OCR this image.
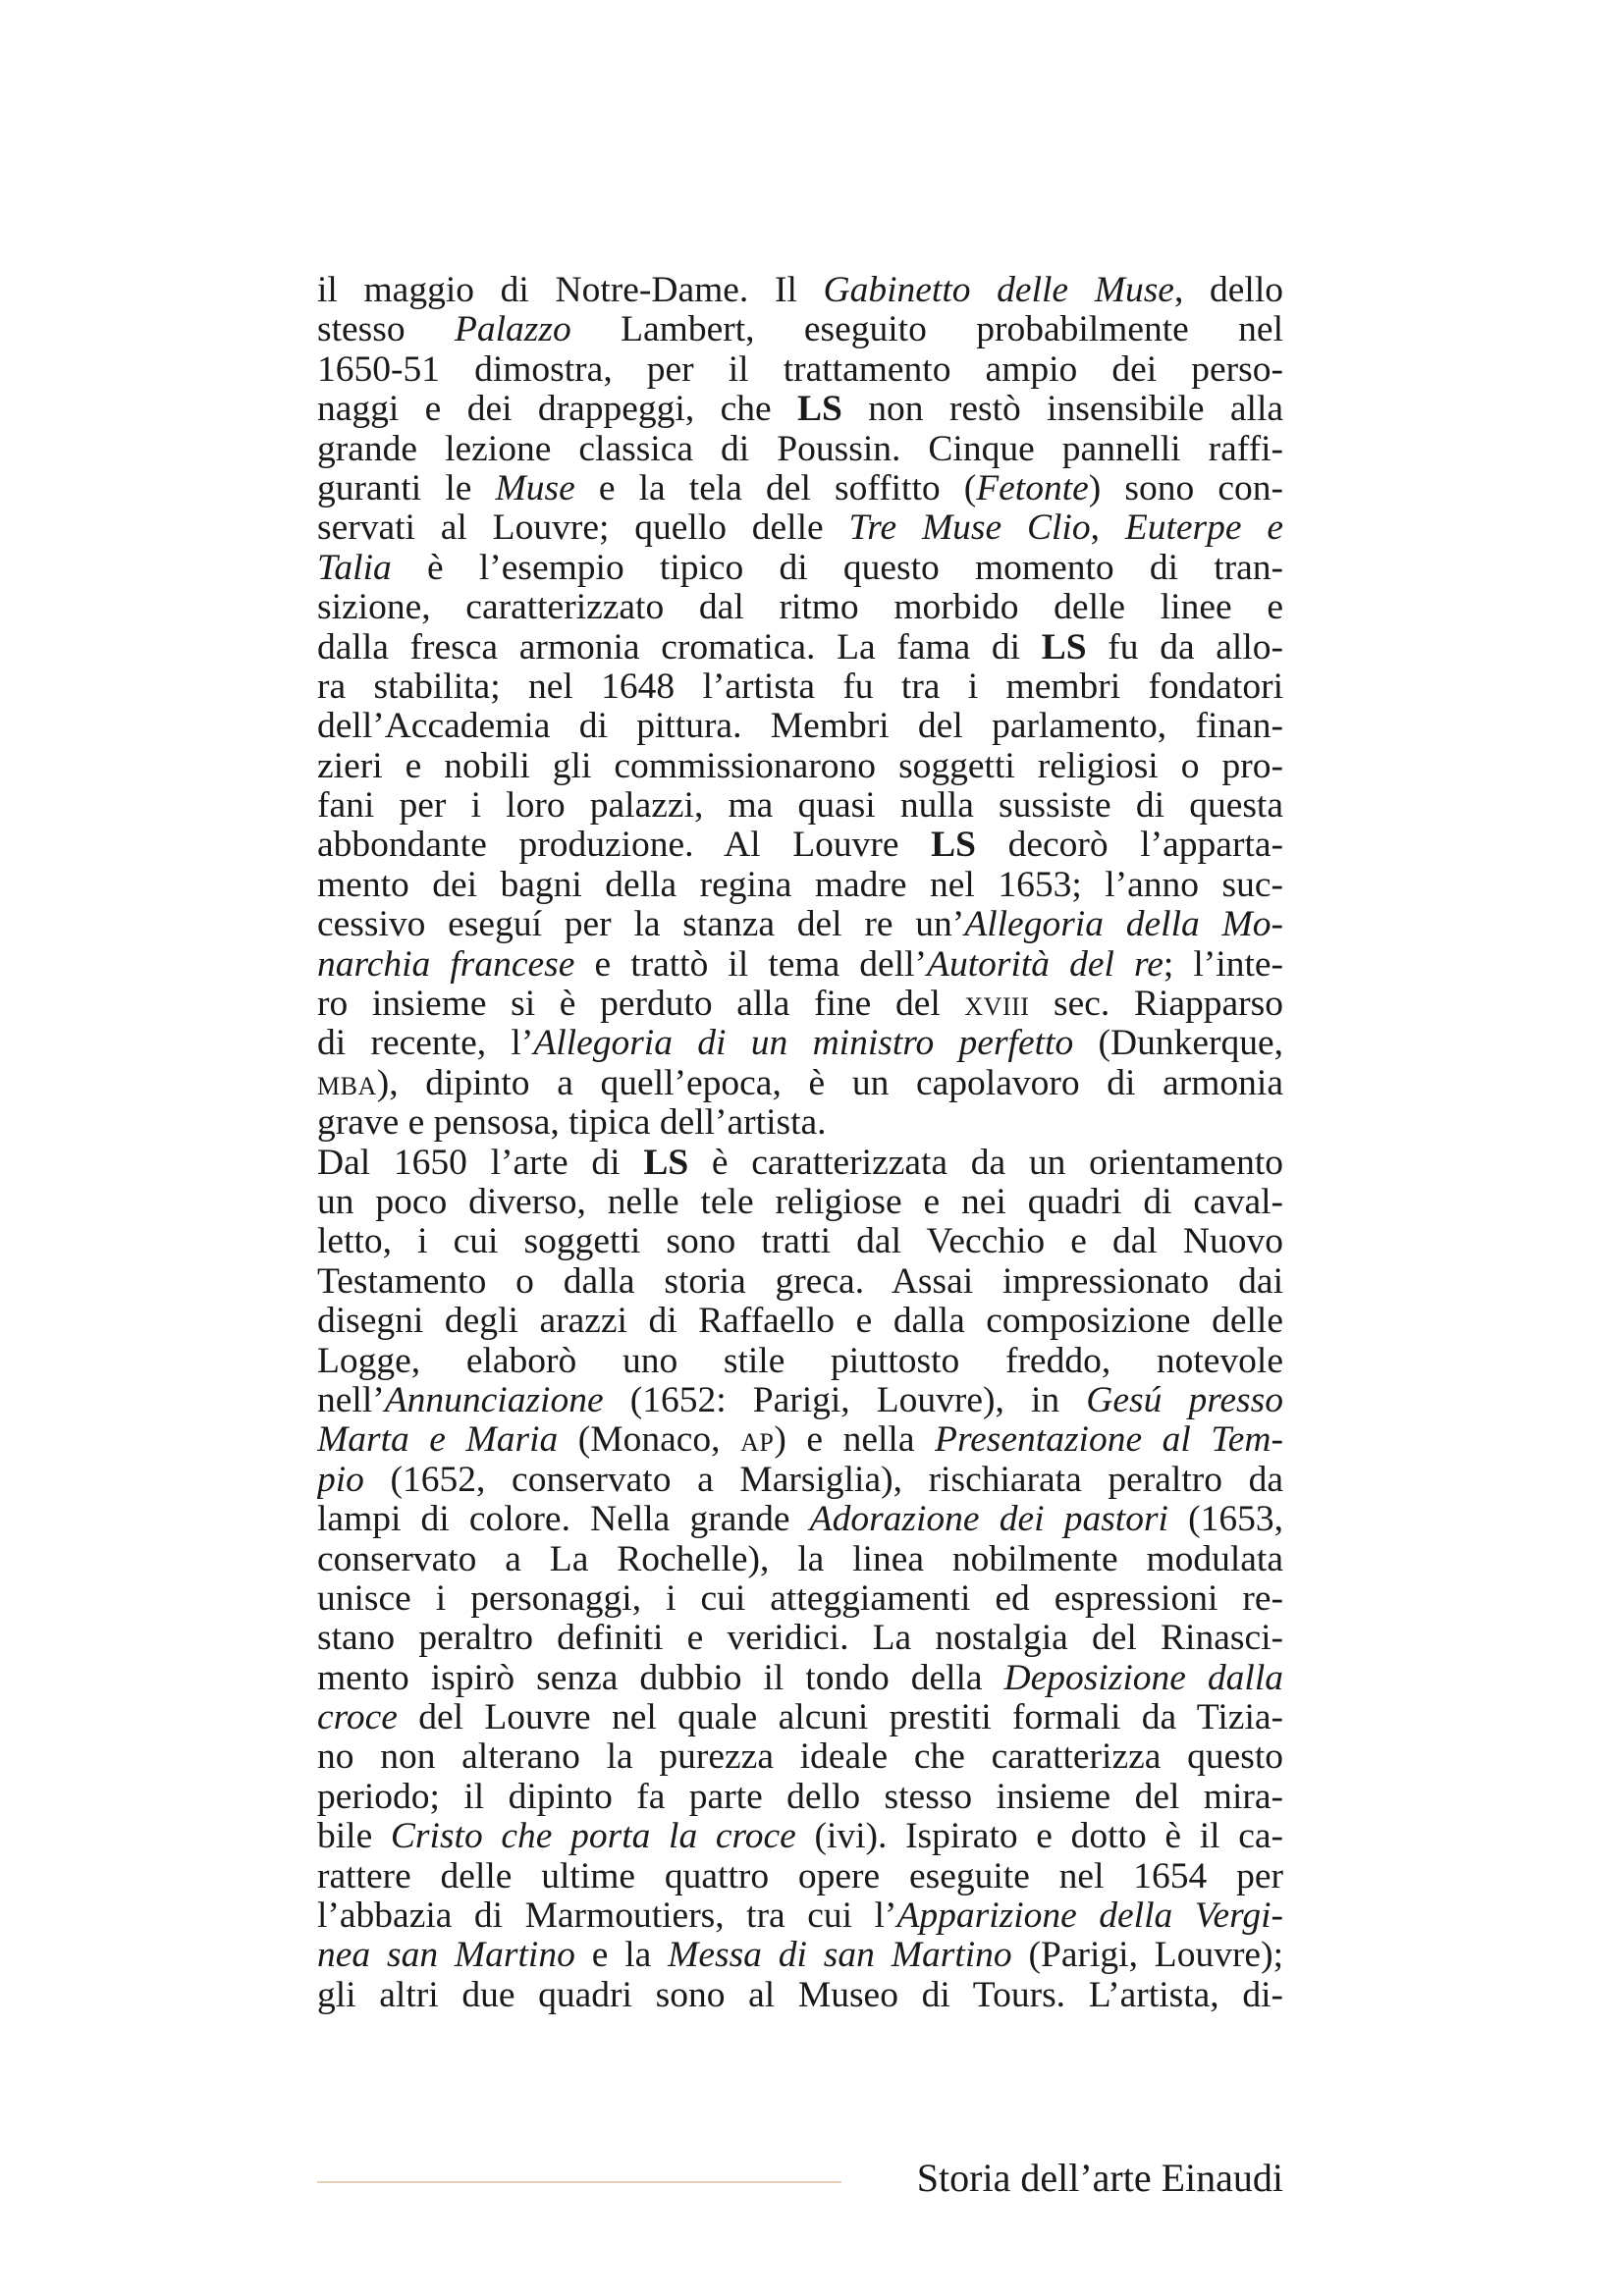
il maggio di Notre-Dame. Il Gabinetto delle Muse, dello
stesso Palazzo Lambert, eseguito probabilmente nel
1650-51 dimostra, per il trattamento ampio dei perso-
naggi e dei drappeggi, che LS non restò insensibile alla
grande lezione classica di Poussin. Cinque pannelli raffi-
guranti le Muse e la tela del soffitto (Fetonte) sono con-
servati al Louvre; quello delle Tre Muse Clio, Euterpe e
Talia è l’esempio tipico di questo momento di tran-
sizione, caratterizzato dal ritmo morbido delle linee e
dalla fresca armonia cromatica. La fama di LS fu da allo-
ra stabilita; nel 1648 l’artista fu tra i membri fondatori
dell’Accademia di pittura. Membri del parlamento, finan-
zieri e nobili gli commissionarono soggetti religiosi o pro-
fani per i loro palazzi, ma quasi nulla sussiste di questa
abbondante produzione. Al Louvre LS decorò l’apparta-
mento dei bagni della regina madre nel 1653; l’anno suc-
cessivo eseguí per la stanza del re un’Allegoria della Mo-
narchia francese e trattò il tema dell’Autorità del re; l’inte-
ro insieme si è perduto alla fine del xviii sec. Riapparso
di recente, l’Allegoria di un ministro perfetto (Dunkerque,
mba), dipinto a quell’epoca, è un capolavoro di armonia
grave e pensosa, tipica dell’artista.
Dal 1650 l’arte di LS è caratterizzata da un orientamento
un poco diverso, nelle tele religiose e nei quadri di caval-
letto, i cui soggetti sono tratti dal Vecchio e dal Nuovo
Testamento o dalla storia greca. Assai impressionato dai
disegni degli arazzi di Raffaello e dalla composizione delle
Logge, elaborò uno stile piuttosto freddo, notevole
nell’Annunciazione (1652: Parigi, Louvre), in Gesú presso
Marta e Maria (Monaco, ap) e nella Presentazione al Tem-
pio (1652, conservato a Marsiglia), rischiarata peraltro da
lampi di colore. Nella grande Adorazione dei pastori (1653,
conservato a La Rochelle), la linea nobilmente modulata
unisce i personaggi, i cui atteggiamenti ed espressioni re-
stano peraltro definiti e veridici. La nostalgia del Rinasci-
mento ispirò senza dubbio il tondo della Deposizione dalla
croce del Louvre nel quale alcuni prestiti formali da Tizia-
no non alterano la purezza ideale che caratterizza questo
periodo; il dipinto fa parte dello stesso insieme del mira-
bile Cristo che porta la croce (ivi). Ispirato e dotto è il ca-
rattere delle ultime quattro opere eseguite nel 1654 per
l’abbazia di Marmoutiers, tra cui l’Apparizione della Vergi-
nea san Martino e la Messa di san Martino (Parigi, Louvre);
gli altri due quadri sono al Museo di Tours. L’artista, di-
Storia dell’arte Einaudi
